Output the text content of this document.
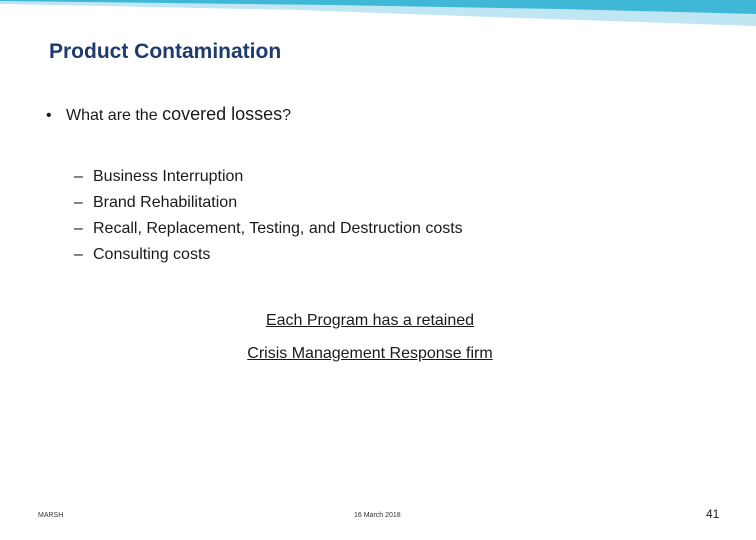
Product Contamination
• What are the covered losses?
– Business Interruption
– Brand Rehabilitation
– Recall, Replacement, Testing, and Destruction costs
– Consulting costs
Each Program has a retained
Crisis Management Response firm
MARSH	16 March 2018	41
